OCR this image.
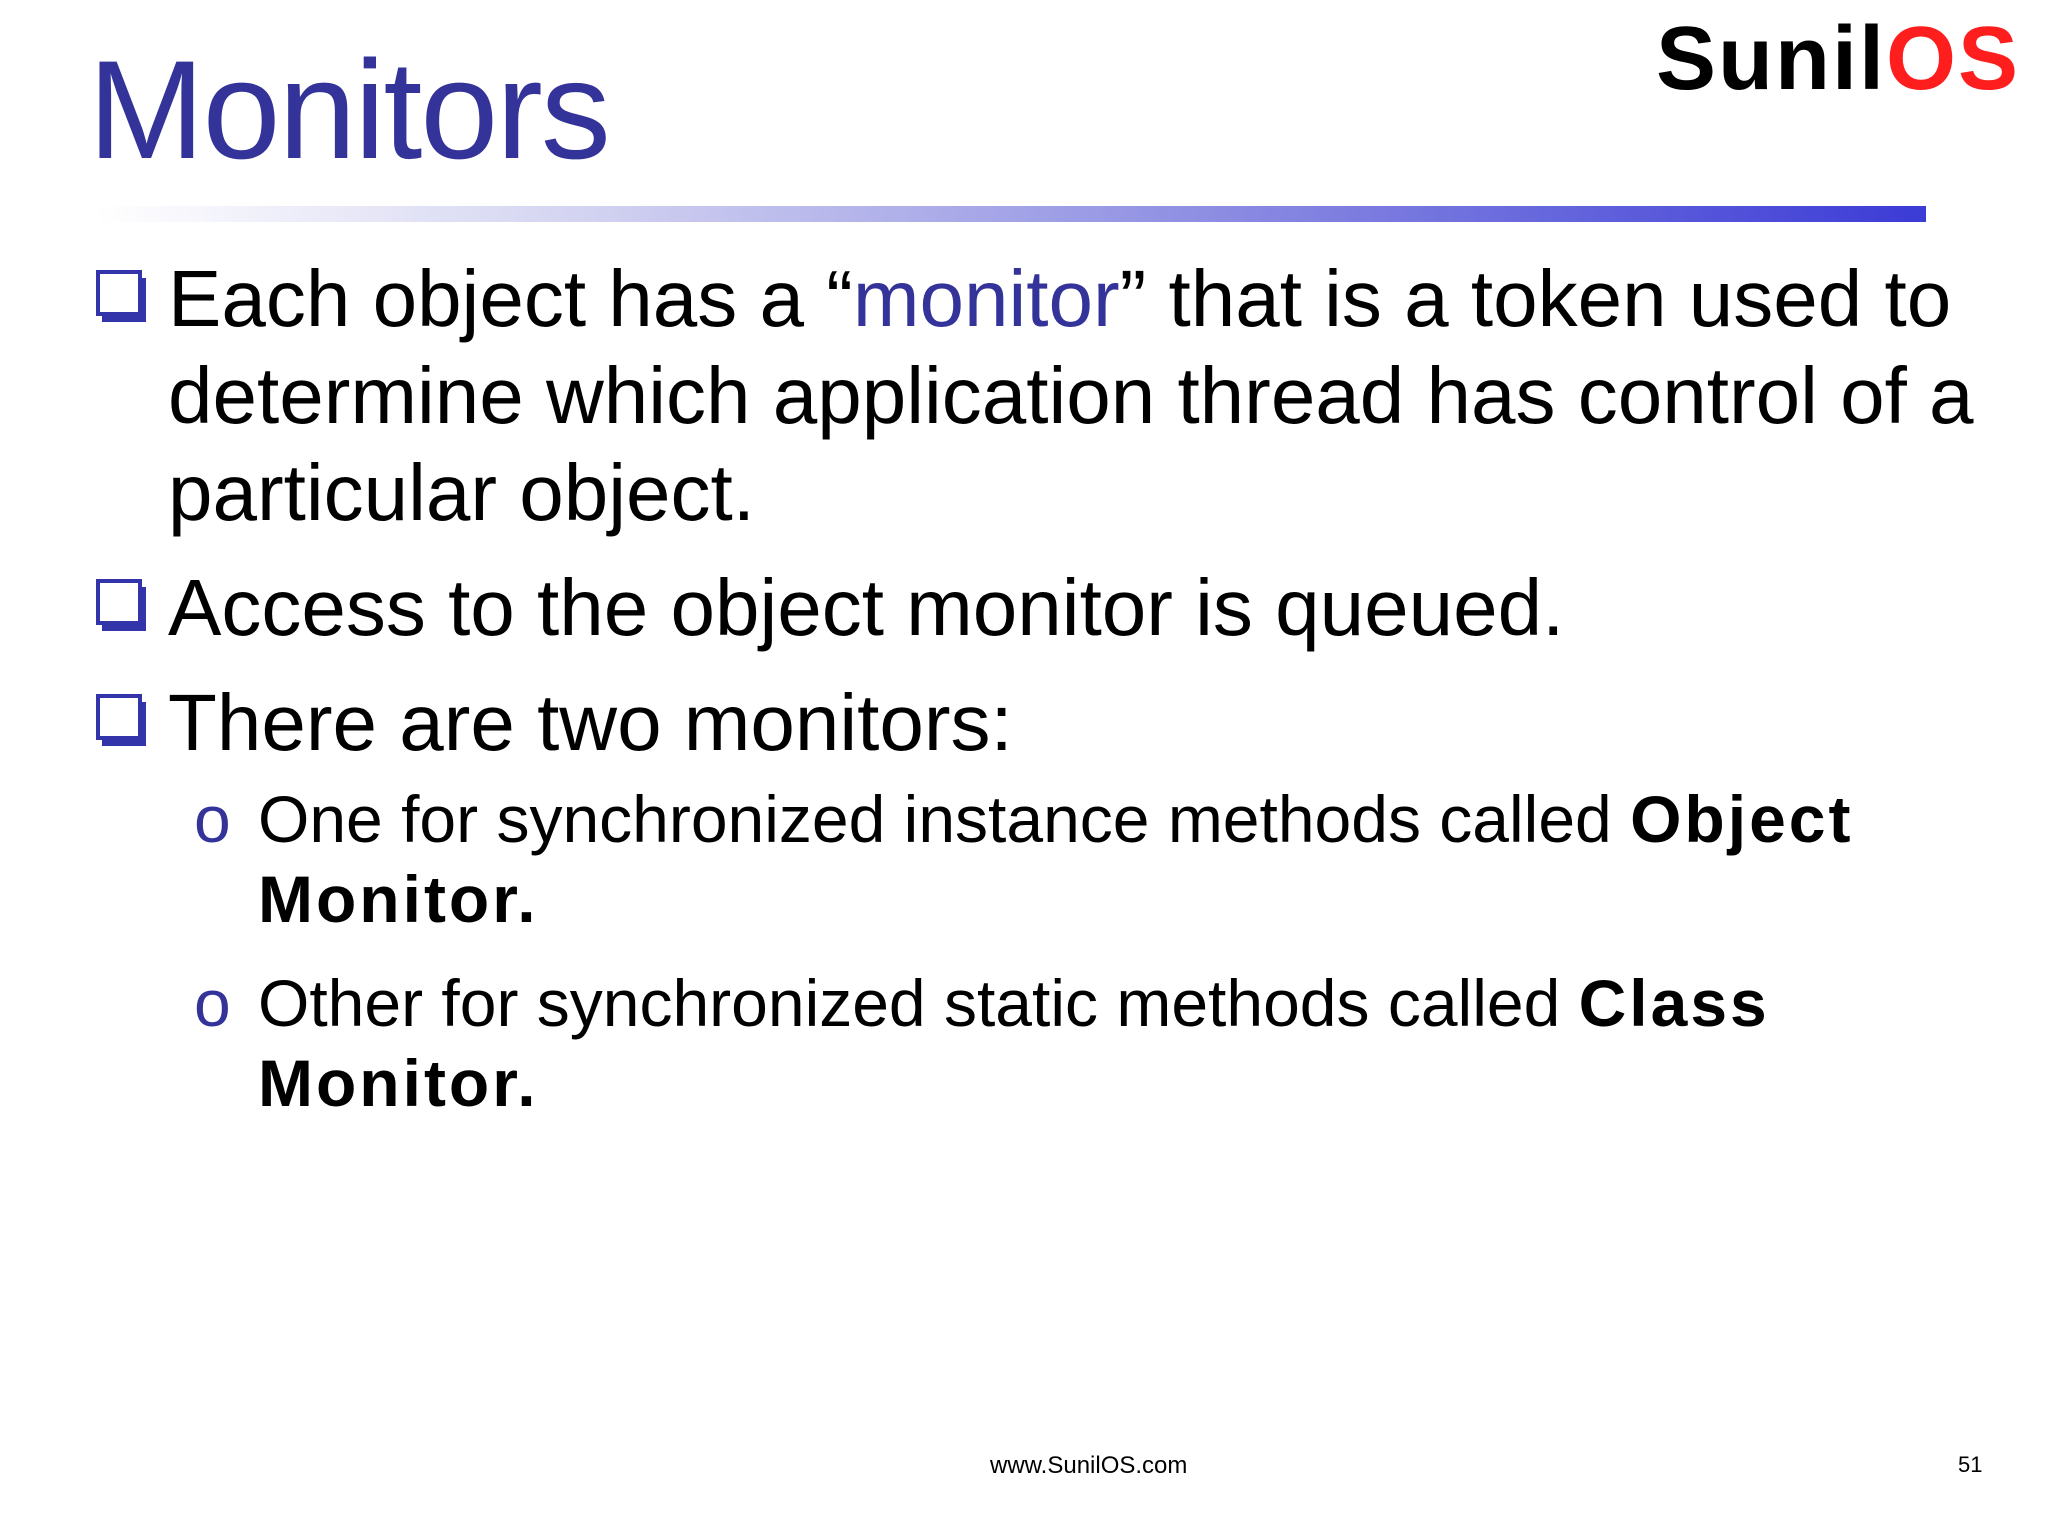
Monitors	SunilOS
Each object has a “monitor” that is a token used to determine which application thread has control of a particular object.
Access to the object monitor is queued.
There are two monitors:
o One for synchronized instance methods called Object Monitor.
o Other for synchronized static methods called Class Monitor.
www.SunilOS.com	51
